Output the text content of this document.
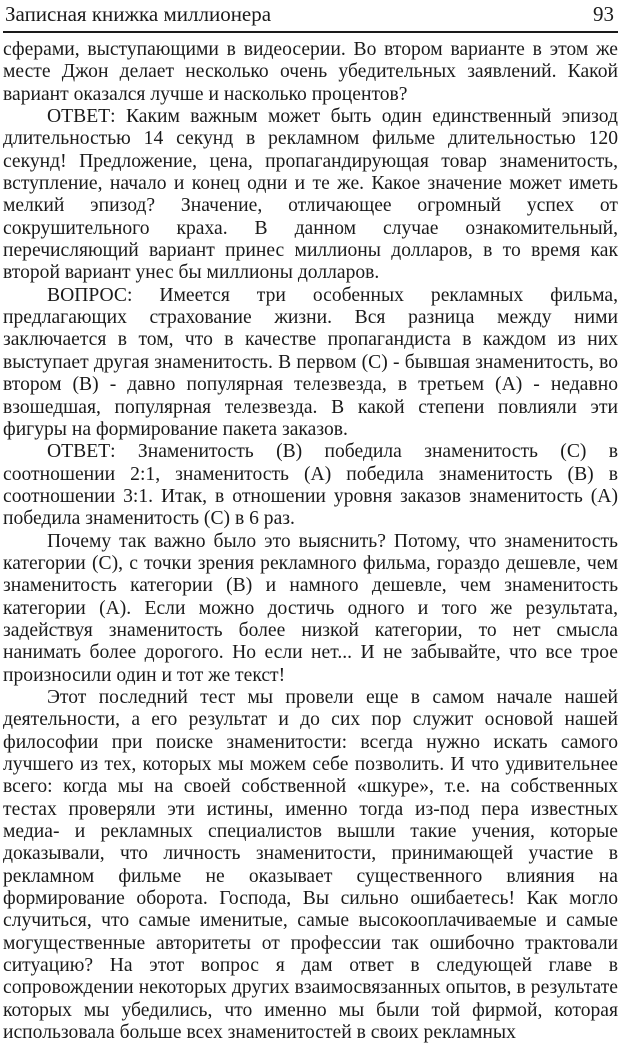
Записная книжка миллионера	93

сферами, выступающими в видеосерии. Во втором варианте в этом же месте Джон делает несколько очень убедительных заявлений. Какой вариант оказался лучше и насколько процентов?

ОТВЕТ: Каким важным может быть один единственный эпизод длительностью 14 секунд в рекламном фильме длительностью 120 секунд! Предложение, цена, пропагандирующая товар знаменитость, вступление, начало и конец одни и те же. Какое значение может иметь мелкий эпизод? Значение, отличающее огромный успех от сокрушительного краха. В данном случае ознакомительный, перечисляющий вариант принес миллионы долларов, в то время как второй вариант унес бы миллионы долларов.

ВОПРОС: Имеется три особенных рекламных фильма, предлагающих страхование жизни. Вся разница между ними заключается в том, что в качестве пропагандиста в каждом из них выступает другая знаменитость. В первом (С) - бывшая знаменитость, во втором (В) - давно популярная телезвезда, в третьем (А) - недавно взошедшая, популярная телезвезда. В какой степени повлияли эти фигуры на формирование пакета заказов.

ОТВЕТ: Знаменитость (В) победила знаменитость (С) в соотношении 2:1, знаменитость (А) победила знаменитость (В) в соотношении 3:1. Итак, в отношении уровня заказов знаменитость (А) победила знаменитость (С) в 6 раз.

Почему так важно было это выяснить? Потому, что знаменитость категории (С), с точки зрения рекламного фильма, гораздо дешевле, чем знаменитость категории (В) и намного дешевле, чем знаменитость категории (А). Если можно достичь одного и того же результата, задействуя знаменитость более низкой категории, то нет смысла нанимать более дорогого. Но если нет... И не забывайте, что все трое произносили один и тот же текст!

Этот последний тест мы провели еще в самом начале нашей деятельности, а его результат и до сих пор служит основой нашей философии при поиске знаменитости: всегда нужно искать самого лучшего из тех, которых мы можем себе позволить. И что удивительнее всего: когда мы на своей собственной «шкуре», т.е. на собственных тестах проверяли эти истины, именно тогда из-под пера известных медиа- и рекламных специалистов вышли такие учения, которые доказывали, что личность знаменитости, принимающей участие в рекламном фильме не оказывает существенного влияния на формирование оборота. Господа, Вы сильно ошибаетесь! Как могло случиться, что самые именитые, самые высокооплачиваемые и самые могущественные авторитеты от профессии так ошибочно трактовали ситуацию? На этот вопрос я дам ответ в следующей главе в сопровождении некоторых других взаимосвязанных опытов, в результате которых мы убедились, что именно мы были той фирмой, которая использовала больше всех знаменитостей в своих рекламных
